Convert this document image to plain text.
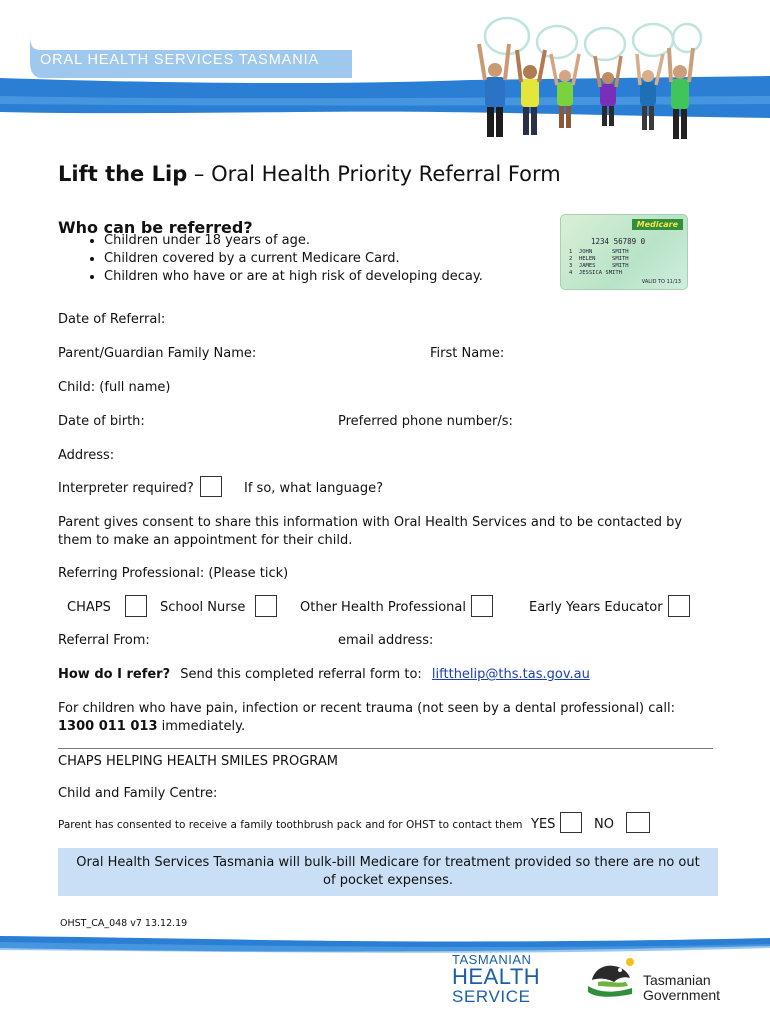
ORAL HEALTH SERVICES TASMANIA
Lift the Lip – Oral Health Priority Referral Form
Who can be referred?
• Children under 18 years of age.
• Children covered by a current Medicare Card.
• Children who have or are at high risk of developing decay.
Medicare
1234 56789 0
1  JOHN      SMITH
2  HELEN     SMITH
3  JAMES     SMITH
4  JESSICA SMITH
VALID TO 11/13
Date of Referral:
Parent/Guardian Family Name:	First Name:
Child: (full name)
Date of birth:	Preferred phone number/s:
Address:
Interpreter required?	If so, what language?
Parent gives consent to share this information with Oral Health Services and to be contacted by them to make an appointment for their child.
Referring Professional: (Please tick)
CHAPS	School Nurse	Other Health Professional	Early Years Educator
Referral From:	email address:
How do I refer? Send this completed referral form to: liftthelip@ths.tas.gov.au
For children who have pain, infection or recent trauma (not seen by a dental professional) call:
1300 011 013 immediately.
CHAPS HELPING HEALTH SMILES PROGRAM
Child and Family Centre:
Parent has consented to receive a family toothbrush pack and for OHST to contact them YES	NO
Oral Health Services Tasmania will bulk-bill Medicare for treatment provided so there are no out of pocket expenses.
OHST_CA_048 v7 13.12.19
TASMANIAN
HEALTH
SERVICE
Tasmanian
Government
